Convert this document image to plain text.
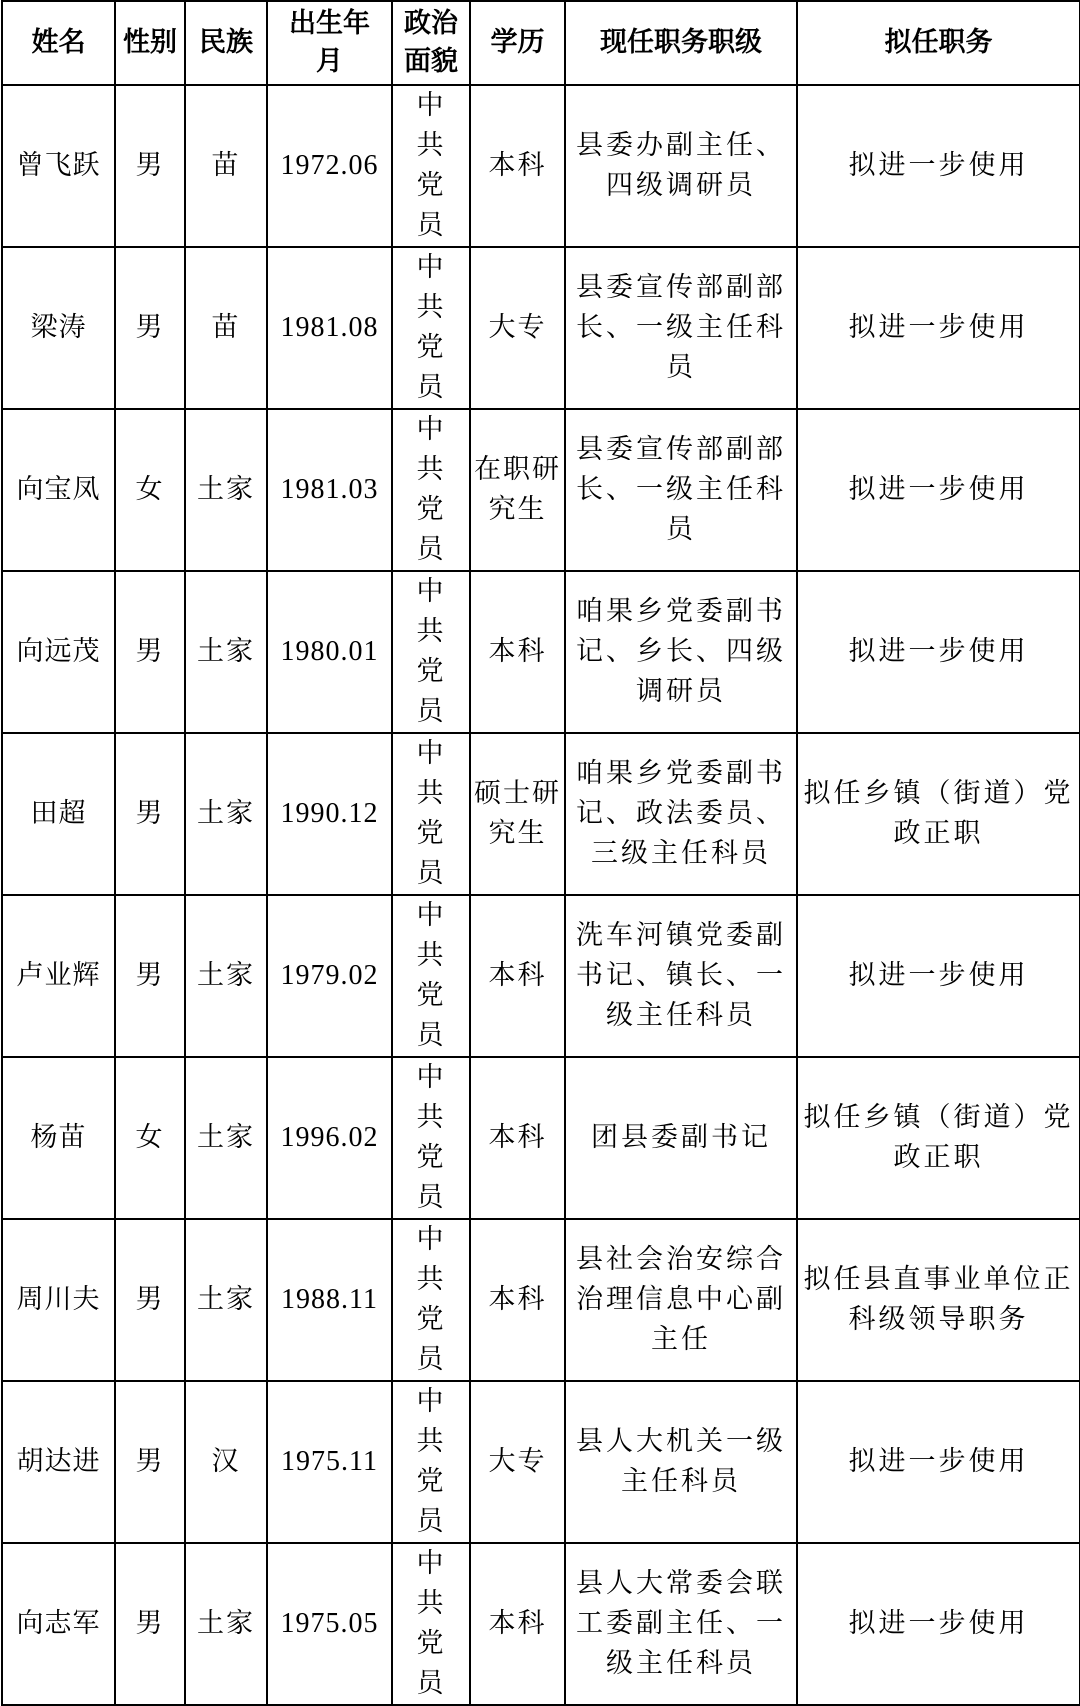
姓名	性别	民族	出生年月	政治面貌	学历	现任职务职级	拟任职务
曾飞跃	男	苗	1972.06	中共党员	本科	县委办副主任、四级调研员	拟进一步使用
梁涛	男	苗	1981.08	中共党员	大专	县委宣传部副部长、一级主任科员	拟进一步使用
向宝凤	女	土家	1981.03	中共党员	在职研究生	县委宣传部副部长、一级主任科员	拟进一步使用
向远茂	男	土家	1980.01	中共党员	本科	咱果乡党委副书记、乡长、四级调研员	拟进一步使用
田超	男	土家	1990.12	中共党员	硕士研究生	咱果乡党委副书记、政法委员、三级主任科员	拟任乡镇（街道）党政正职
卢业辉	男	土家	1979.02	中共党员	本科	洗车河镇党委副书记、镇长、一级主任科员	拟进一步使用
杨苗	女	土家	1996.02	中共党员	本科	团县委副书记	拟任乡镇（街道）党政正职
周川夫	男	土家	1988.11	中共党员	本科	县社会治安综合治理信息中心副主任	拟任县直事业单位正科级领导职务
胡达进	男	汉	1975.11	中共党员	大专	县人大机关一级主任科员	拟进一步使用
向志军	男	土家	1975.05	中共党员	本科	县人大常委会联工委副主任、一级主任科员	拟进一步使用
